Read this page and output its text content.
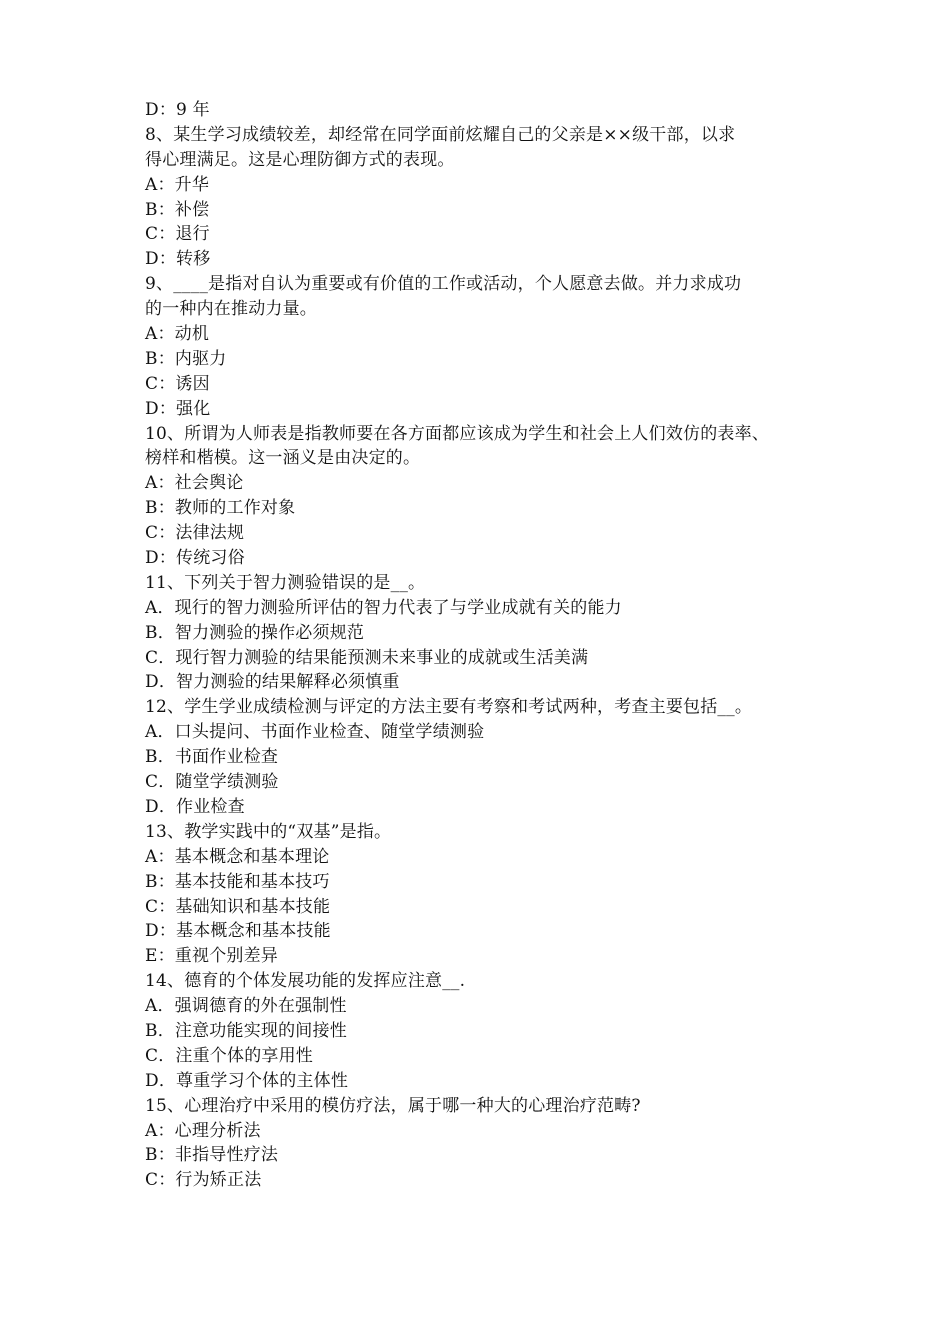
D：9 年
8、某生学习成绩较差，却经常在同学面前炫耀自己的父亲是××级干部，以求
得心理满足。这是心理防御方式的表现。
A：升华
B：补偿
C：退行
D：转移
9、____是指对自认为重要或有价值的工作或活动，个人愿意去做。并力求成功
的一种内在推动力量。
A：动机
B：内驱力
C：诱因
D：强化
10、所谓为人师表是指教师要在各方面都应该成为学生和社会上人们效仿的表率、
榜样和楷模。这一涵义是由决定的。
A：社会舆论
B：教师的工作对象
C：法律法规
D：传统习俗
11、下列关于智力测验错误的是__。
A．现行的智力测验所评估的智力代表了与学业成就有关的能力
B．智力测验的操作必须规范
C．现行智力测验的结果能预测未来事业的成就或生活美满
D．智力测验的结果解释必须慎重
12、学生学业成绩检测与评定的方法主要有考察和考试两种，考查主要包括__。
A．口头提问、书面作业检查、随堂学绩测验
B．书面作业检查
C．随堂学绩测验
D．作业检查
13、教学实践中的“双基”是指。
A：基本概念和基本理论
B：基本技能和基本技巧
C：基础知识和基本技能
D：基本概念和基本技能
E：重视个别差异
14、德育的个体发展功能的发挥应注意__.
A．强调德育的外在强制性
B．注意功能实现的间接性
C．注重个体的享用性
D．尊重学习个体的主体性
15、心理治疗中采用的模仿疗法，属于哪一种大的心理治疗范畴?
A：心理分析法
B：非指导性疗法
C：行为矫正法
